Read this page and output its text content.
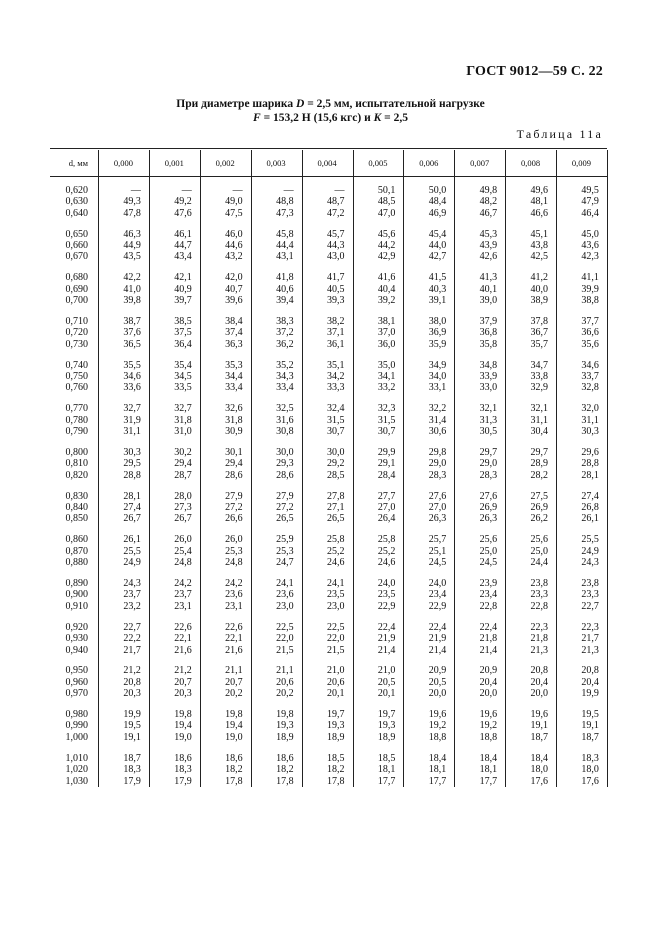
ГОСТ 9012—59 С. 22
При диаметре шарика D = 2,5 мм, испытательной нагрузке
F = 153,2 Н (15,6 кгс) и K = 2,5
Таблица 11а
d, мм	0,000	0,001	0,002	0,003	0,004	0,005	0,006	0,007	0,008	0,009
0,620	—	—	—	—	—	50,1	50,0	49,8	49,6	49,5
0,630	49,3	49,2	49,0	48,8	48,7	48,5	48,4	48,2	48,1	47,9
0,640	47,8	47,6	47,5	47,3	47,2	47,0	46,9	46,7	46,6	46,4
0,650	46,3	46,1	46,0	45,8	45,7	45,6	45,4	45,3	45,1	45,0
0,660	44,9	44,7	44,6	44,4	44,3	44,2	44,0	43,9	43,8	43,6
0,670	43,5	43,4	43,2	43,1	43,0	42,9	42,7	42,6	42,5	42,3
0,680	42,2	42,1	42,0	41,8	41,7	41,6	41,5	41,3	41,2	41,1
0,690	41,0	40,9	40,7	40,6	40,5	40,4	40,3	40,1	40,0	39,9
0,700	39,8	39,7	39,6	39,4	39,3	39,2	39,1	39,0	38,9	38,8
0,710	38,7	38,5	38,4	38,3	38,2	38,1	38,0	37,9	37,8	37,7
0,720	37,6	37,5	37,4	37,2	37,1	37,0	36,9	36,8	36,7	36,6
0,730	36,5	36,4	36,3	36,2	36,1	36,0	35,9	35,8	35,7	35,6
0,740	35,5	35,4	35,3	35,2	35,1	35,0	34,9	34,8	34,7	34,6
0,750	34,6	34,5	34,4	34,3	34,2	34,1	34,0	33,9	33,8	33,7
0,760	33,6	33,5	33,4	33,4	33,3	33,2	33,1	33,0	32,9	32,8
0,770	32,7	32,7	32,6	32,5	32,4	32,3	32,2	32,1	32,1	32,0
0,780	31,9	31,8	31,8	31,6	31,5	31,5	31,4	31,3	31,1	31,1
0,790	31,1	31,0	30,9	30,8	30,7	30,7	30,6	30,5	30,4	30,3
0,800	30,3	30,2	30,1	30,0	30,0	29,9	29,8	29,7	29,7	29,6
0,810	29,5	29,4	29,4	29,3	29,2	29,1	29,0	29,0	28,9	28,8
0,820	28,8	28,7	28,6	28,6	28,5	28,4	28,3	28,3	28,2	28,1
0,830	28,1	28,0	27,9	27,9	27,8	27,7	27,6	27,6	27,5	27,4
0,840	27,4	27,3	27,2	27,2	27,1	27,0	27,0	26,9	26,9	26,8
0,850	26,7	26,7	26,6	26,5	26,5	26,4	26,3	26,3	26,2	26,1
0,860	26,1	26,0	26,0	25,9	25,8	25,8	25,7	25,6	25,6	25,5
0,870	25,5	25,4	25,3	25,3	25,2	25,2	25,1	25,0	25,0	24,9
0,880	24,9	24,8	24,8	24,7	24,6	24,6	24,5	24,5	24,4	24,3
0,890	24,3	24,2	24,2	24,1	24,1	24,0	24,0	23,9	23,8	23,8
0,900	23,7	23,7	23,6	23,6	23,5	23,5	23,4	23,4	23,3	23,3
0,910	23,2	23,1	23,1	23,0	23,0	22,9	22,9	22,8	22,8	22,7
0,920	22,7	22,6	22,6	22,5	22,5	22,4	22,4	22,4	22,3	22,3
0,930	22,2	22,1	22,1	22,0	22,0	21,9	21,9	21,8	21,8	21,7
0,940	21,7	21,6	21,6	21,5	21,5	21,4	21,4	21,4	21,3	21,3
0,950	21,2	21,2	21,1	21,1	21,0	21,0	20,9	20,9	20,8	20,8
0,960	20,8	20,7	20,7	20,6	20,6	20,5	20,5	20,4	20,4	20,4
0,970	20,3	20,3	20,2	20,2	20,1	20,1	20,0	20,0	20,0	19,9
0,980	19,9	19,8	19,8	19,8	19,7	19,7	19,6	19,6	19,6	19,5
0,990	19,5	19,4	19,4	19,3	19,3	19,3	19,2	19,2	19,1	19,1
1,000	19,1	19,0	19,0	18,9	18,9	18,9	18,8	18,8	18,7	18,7
1,010	18,7	18,6	18,6	18,6	18,5	18,5	18,4	18,4	18,4	18,3
1,020	18,3	18,3	18,2	18,2	18,2	18,1	18,1	18,1	18,0	18,0
1,030	17,9	17,9	17,8	17,8	17,8	17,7	17,7	17,7	17,6	17,6
